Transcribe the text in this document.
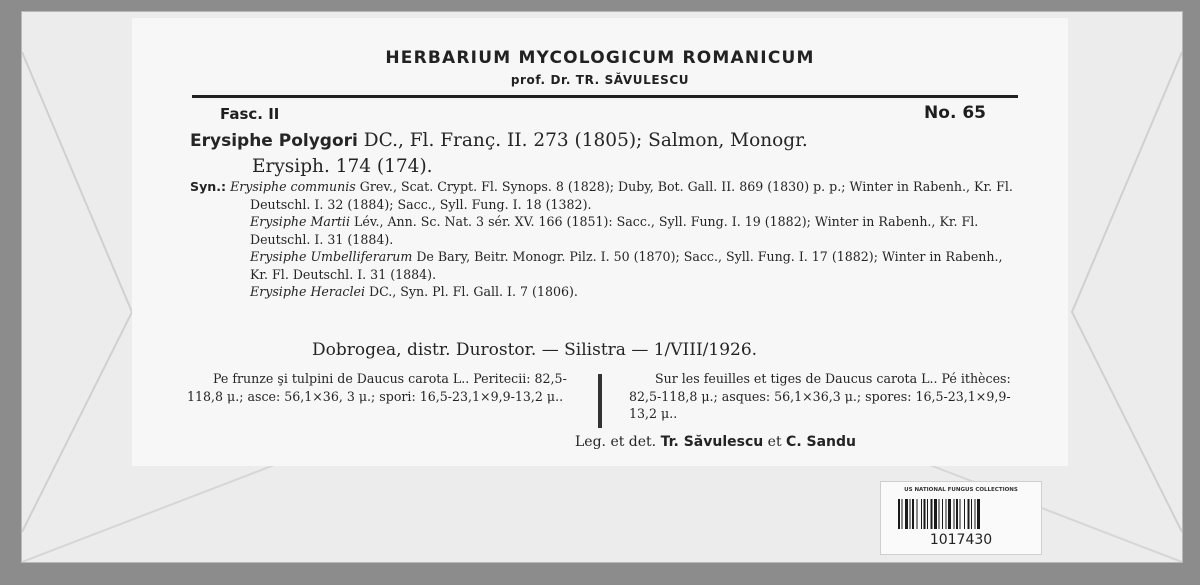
HERBARIUM MYCOLOGICUM ROMANICUM
prof. Dr. TR. SĂVULESCU
Fasc. II	No. 65
Erysiphe Polygori DC., Fl. Franç. II. 273 (1805); Salmon, Monogr.
Erysiph. 174 (174).
Syn.: Erysiphe communis Grev., Scat. Crypt. Fl. Synops. 8 (1828); Duby, Bot. Gall. II. 869 (1830) p. p.; Winter in Rabenh., Kr. Fl. Deutschl. I. 32 (1884); Sacc., Syll. Fung. I. 18 (1382).
Erysiphe Martii Lév., Ann. Sc. Nat. 3 sér. XV. 166 (1851): Sacc., Syll. Fung. I. 19 (1882); Winter in Rabenh., Kr. Fl. Deutschl. I. 31 (1884).
Erysiphe Umbelliferarum De Bary, Beitr. Monogr. Pilz. I. 50 (1870); Sacc., Syll. Fung. I. 17 (1882); Winter in Rabenh., Kr. Fl. Deutschl. I. 31 (1884).
Erysiphe Heraclei DC., Syn. Pl. Fl. Gall. I. 7 (1806).
Dobrogea, distr. Durostor. — Silistra — 1/VIII/1926.
Pe frunze şi tulpini de Daucus carota L.. Peritecii: 82,5-118,8 μ.; asce: 56,1×36, 3 μ.; spori: 16,5-23,1×9,9-13,2 μ..
Sur les feuilles et tiges de Daucus carota L.. Pé ithèces: 82,5-118,8 μ.; asques: 56,1×36,3 μ.; spores: 16,5-23,1×9,9-13,2 μ..
Leg. et det. Tr. Săvulescu et C. Sandu
US NATIONAL FUNGUS COLLECTIONS
1017430
